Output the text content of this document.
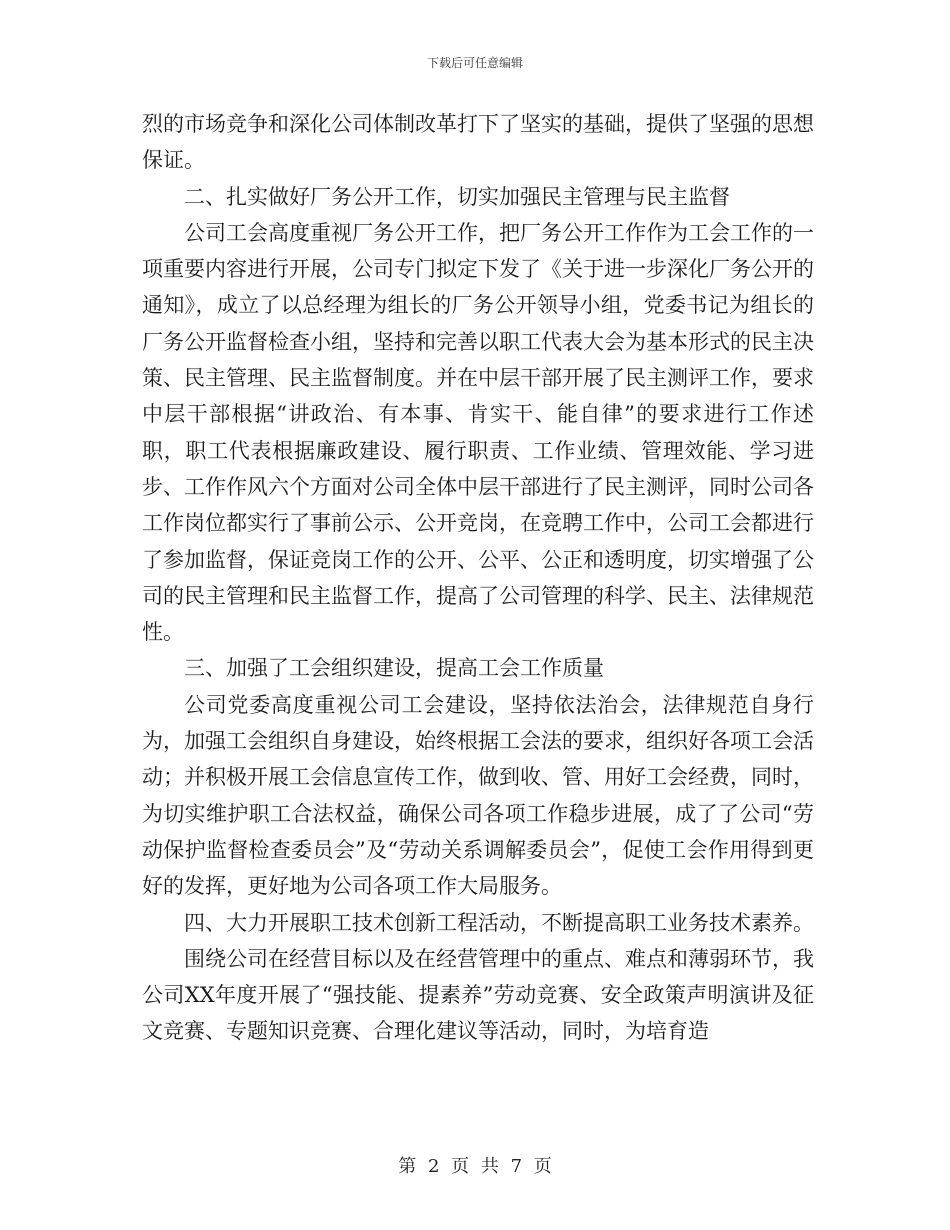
下载后可任意编辑

烈的市场竞争和深化公司体制改革打下了坚实的基础，提供了坚强的思想保证。

二、扎实做好厂务公开工作，切实加强民主管理与民主监督

公司工会高度重视厂务公开工作，把厂务公开工作作为工会工作的一项重要内容进行开展，公司专门拟定下发了《关于进一步深化厂务公开的通知》，成立了以总经理为组长的厂务公开领导小组，党委书记为组长的厂务公开监督检查小组，坚持和完善以职工代表大会为基本形式的民主决策、民主管理、民主监督制度。并在中层干部开展了民主测评工作，要求中层干部根据“讲政治、有本事、肯实干、能自律”的要求进行工作述职，职工代表根据廉政建设、履行职责、工作业绩、管理效能、学习进步、工作作风六个方面对公司全体中层干部进行了民主测评，同时公司各工作岗位都实行了事前公示、公开竞岗，在竞聘工作中，公司工会都进行了参加监督，保证竞岗工作的公开、公平、公正和透明度，切实增强了公司的民主管理和民主监督工作，提高了公司管理的科学、民主、法律规范性。

三、加强了工会组织建设，提高工会工作质量

公司党委高度重视公司工会建设，坚持依法治会，法律规范自身行为，加强工会组织自身建设，始终根据工会法的要求，组织好各项工会活动；并积极开展工会信息宣传工作，做到收、管、用好工会经费，同时，为切实维护职工合法权益，确保公司各项工作稳步进展，成了了公司“劳动保护监督检查委员会”及“劳动关系调解委员会”，促使工会作用得到更好的发挥，更好地为公司各项工作大局服务。

四、大力开展职工技术创新工程活动，不断提高职工业务技术素养。

围绕公司在经营目标以及在经营管理中的重点、难点和薄弱环节，我公司XX年度开展了“强技能、提素养”劳动竞赛、安全政策声明演讲及征文竞赛、专题知识竞赛、合理化建议等活动，同时，为培育造

第 2 页 共 7 页
